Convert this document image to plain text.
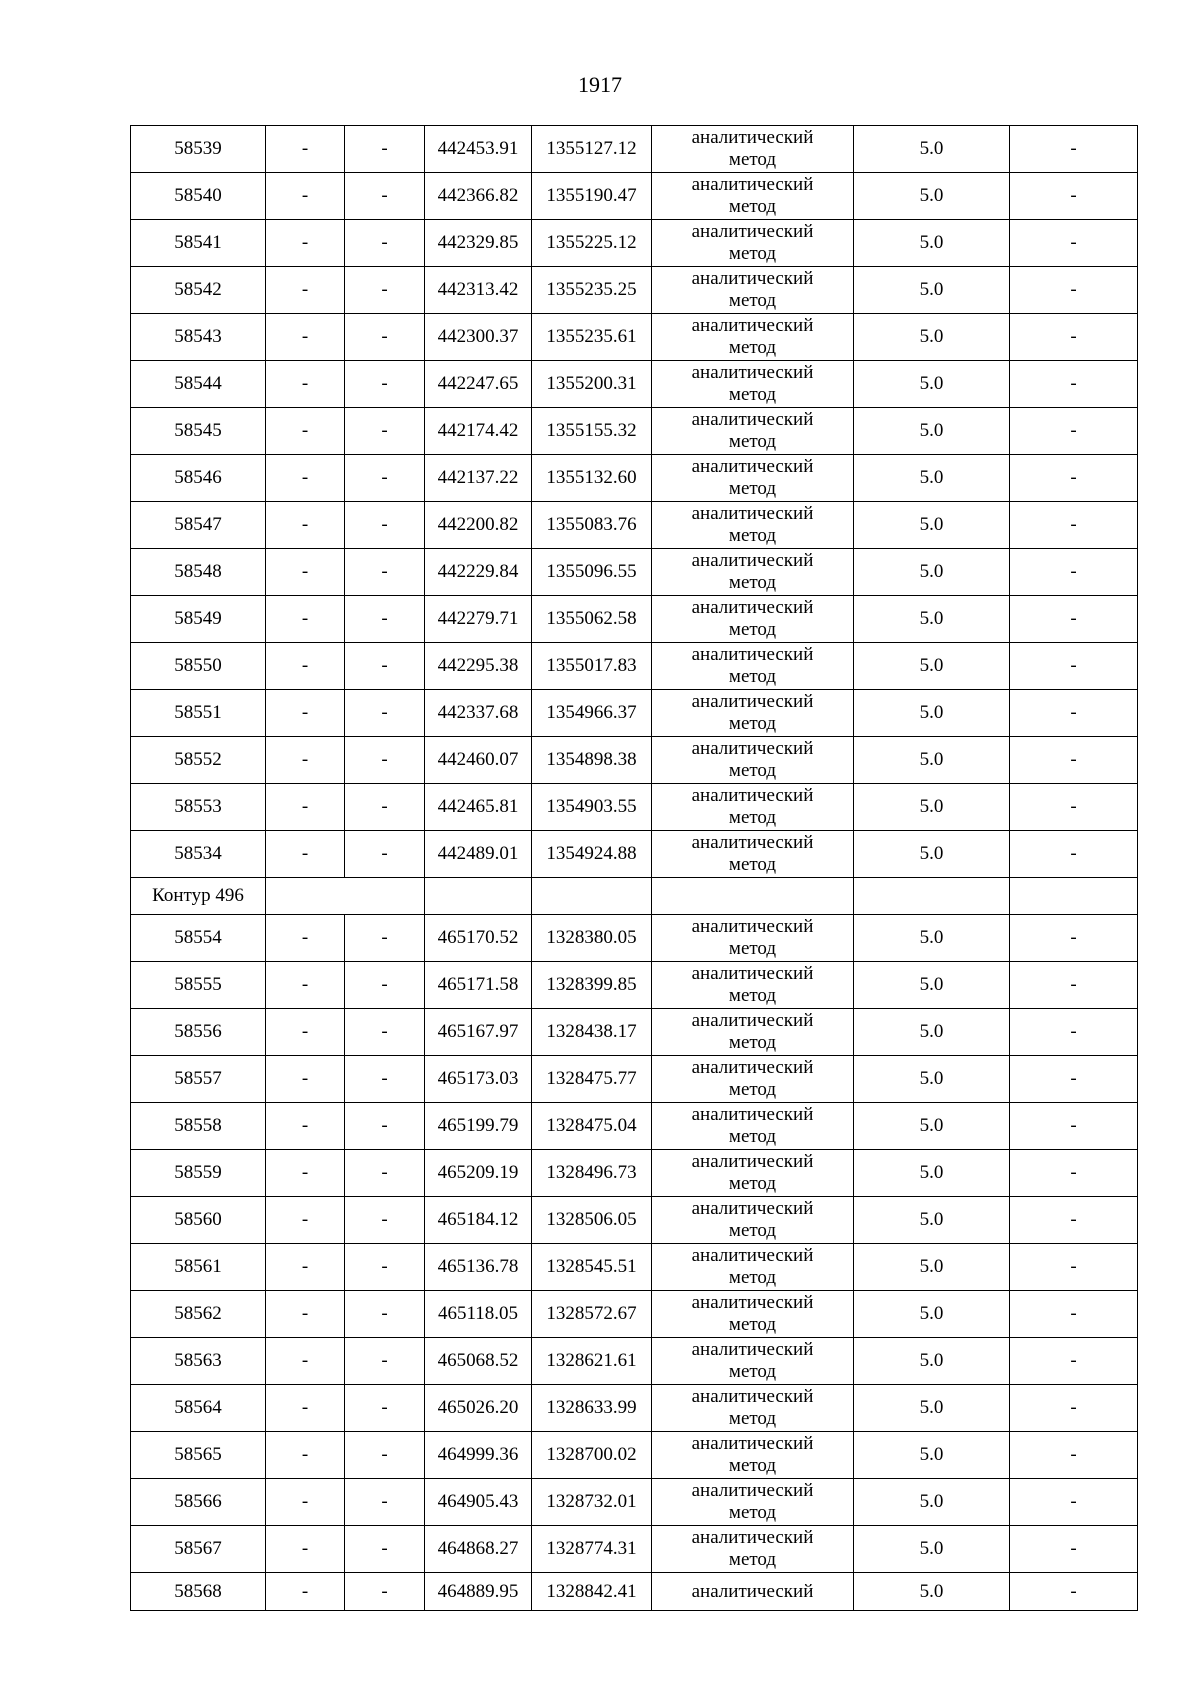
1917
58539	-	-	442453.91	1355127.12	аналитический
метод	5.0	-
58540	-	-	442366.82	1355190.47	аналитический
метод	5.0	-
58541	-	-	442329.85	1355225.12	аналитический
метод	5.0	-
58542	-	-	442313.42	1355235.25	аналитический
метод	5.0	-
58543	-	-	442300.37	1355235.61	аналитический
метод	5.0	-
58544	-	-	442247.65	1355200.31	аналитический
метод	5.0	-
58545	-	-	442174.42	1355155.32	аналитический
метод	5.0	-
58546	-	-	442137.22	1355132.60	аналитический
метод	5.0	-
58547	-	-	442200.82	1355083.76	аналитический
метод	5.0	-
58548	-	-	442229.84	1355096.55	аналитический
метод	5.0	-
58549	-	-	442279.71	1355062.58	аналитический
метод	5.0	-
58550	-	-	442295.38	1355017.83	аналитический
метод	5.0	-
58551	-	-	442337.68	1354966.37	аналитический
метод	5.0	-
58552	-	-	442460.07	1354898.38	аналитический
метод	5.0	-
58553	-	-	442465.81	1354903.55	аналитический
метод	5.0	-
58534	-	-	442489.01	1354924.88	аналитический
метод	5.0	-
Контур 496							
58554	-	-	465170.52	1328380.05	аналитический
метод	5.0	-
58555	-	-	465171.58	1328399.85	аналитический
метод	5.0	-
58556	-	-	465167.97	1328438.17	аналитический
метод	5.0	-
58557	-	-	465173.03	1328475.77	аналитический
метод	5.0	-
58558	-	-	465199.79	1328475.04	аналитический
метод	5.0	-
58559	-	-	465209.19	1328496.73	аналитический
метод	5.0	-
58560	-	-	465184.12	1328506.05	аналитический
метод	5.0	-
58561	-	-	465136.78	1328545.51	аналитический
метод	5.0	-
58562	-	-	465118.05	1328572.67	аналитический
метод	5.0	-
58563	-	-	465068.52	1328621.61	аналитический
метод	5.0	-
58564	-	-	465026.20	1328633.99	аналитический
метод	5.0	-
58565	-	-	464999.36	1328700.02	аналитический
метод	5.0	-
58566	-	-	464905.43	1328732.01	аналитический
метод	5.0	-
58567	-	-	464868.27	1328774.31	аналитический
метод	5.0	-
58568	-	-	464889.95	1328842.41	аналитический	5.0	-
